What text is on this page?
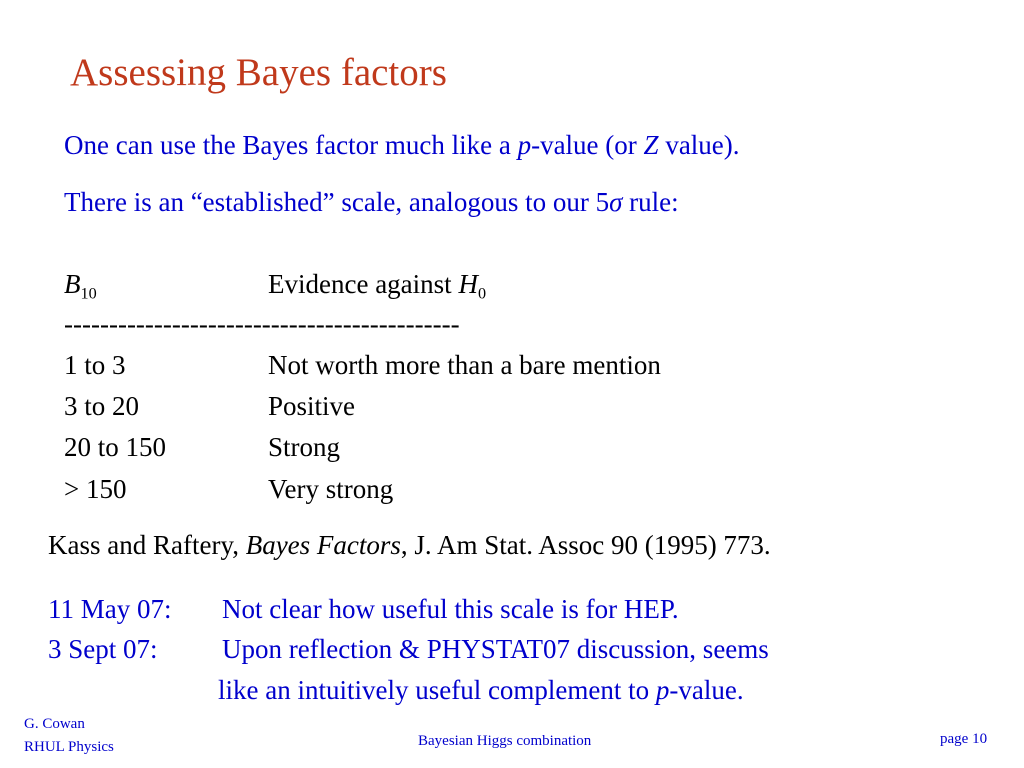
Assessing Bayes factors
One can use the Bayes factor much like a p-value (or Z value).
There is an “established” scale, analogous to our 5σ rule:
$B_{10}$	Evidence against $H_0$
--------------------------------------------
1 to 3	Not worth more than a bare mention
3 to 20	Positive
20 to 150	Strong
> 150	Very strong
Kass and Raftery, Bayes Factors, J. Am Stat. Assoc 90 (1995) 773.
11 May 07: Not clear how useful this scale is for HEP.
3 Sept 07: Upon reflection & PHYSTAT07 discussion, seems
like an intuitively useful complement to p-value.
G. Cowan
RHUL Physics	Bayesian Higgs combination	page 10
